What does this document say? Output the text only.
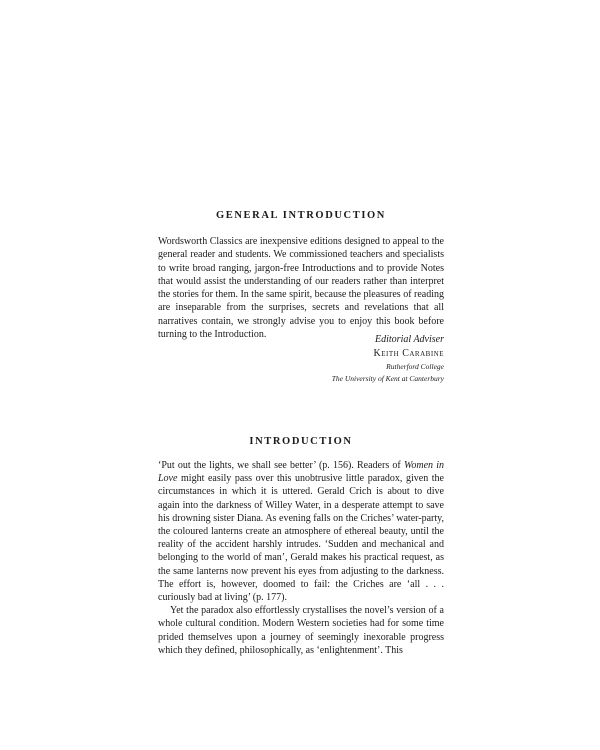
GENERAL INTRODUCTION

Wordsworth Classics are inexpensive editions designed to appeal to the general reader and students. We commissioned teachers and specialists to write broad ranging, jargon-free Introductions and to provide Notes that would assist the understanding of our readers rather than interpret the stories for them. In the same spirit, because the pleasures of reading are inseparable from the surprises, secrets and revelations that all narratives contain, we strongly advise you to enjoy this book before turning to the Introduction.	Editorial Adviser
Keith Carabine
Rutherford College
The University of Kent at Canterbury
INTRODUCTION

‘Put out the lights, we shall see better’ (p. 156). Readers of Women in Love might easily pass over this unobtrusive little paradox, given the circumstances in which it is uttered. Gerald Crich is about to dive again into the darkness of Willey Water, in a desperate attempt to save his drowning sister Diana. As evening falls on the Criches’ water-party, the coloured lanterns create an atmosphere of ethereal beauty, until the reality of the accident harshly intrudes. ‘Sudden and mechanical and belonging to the world of man’, Gerald makes his practical request, as the same lanterns now prevent his eyes from adjusting to the darkness. The effort is, however, doomed to fail: the Criches are ‘all . . . curiously bad at living’ (p. 177).

Yet the paradox also effortlessly crystallises the novel’s version of a whole cultural condition. Modern Western societies had for some time prided themselves upon a journey of seemingly inexorable progress which they defined, philosophically, as ‘enlightenment’. This
